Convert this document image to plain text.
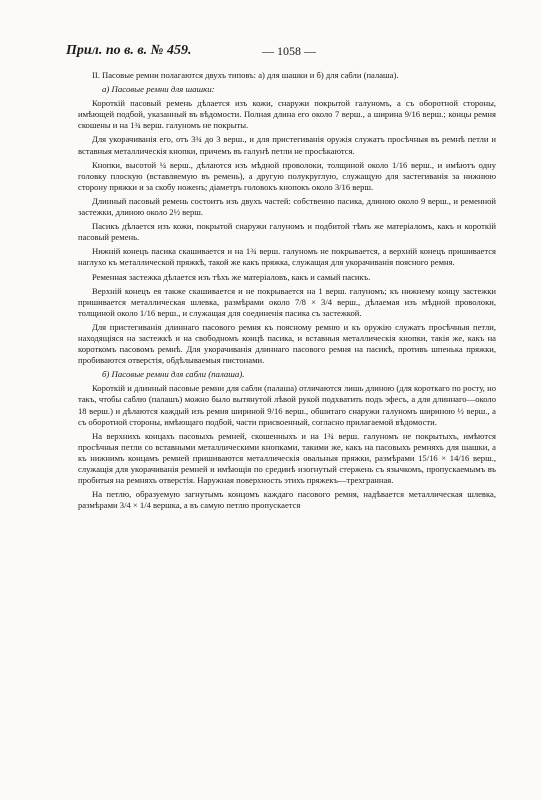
Прил. по в. в. № 459.	— 1058 —

II. Пасовые ремни полагаются двухъ типовъ: а) для шашки и б) для сабли (палаша).

а) Пасовые ремни для шашки:

Короткій пасовый ремень дѣлается изъ кожи, снаружи покрытой галуномъ, а съ оборотной стороны, имѣющей подбой, указанный въ вѣдомости. Полная длина его около 7 верш., а ширина 9/16 верш.; концы ремня скошены и на 1¾ верш. галуномъ не покрыты.

Для укорачиванія его, отъ 3¾ до 3 верш., и для пристегиванія оружія служатъ просѣчныя въ ремнѣ петли и вставныя металлическія кнопки, причемъ въ галунѣ петли не просѣкаются.

Кнопки, высотой ¼ верш., дѣлаются изъ мѣдной проволоки, толщиной около 1/16 верш., и имѣютъ одну головку плоскую (вставляемую въ ремень), а другую полукруглую, служащую для застегиванія за нижнюю сторону пряжки и за скобу ноженъ; діаметръ головокъ кнопокъ около 3/16 верш.

Длинный пасовый ремень состоитъ изъ двухъ частей: собственно пасика, длиною около 9 верш., и ременной застежки, длиною около 2½ верш.

Пасикъ дѣлается изъ кожи, покрытой снаружи галуномъ и подбитой тѣмъ же матеріаломъ, какъ и короткій пасовый ремень.

Нижній конецъ пасика скашивается и на 1¾ верш. галуномъ не покрывается, а верхній конецъ пришивается наглухо къ металлической пряжкѣ, такой же какъ пряжка, служащая для укорачиванія поясного ремня.

Ременная застежка дѣлается изъ тѣхъ же матеріаловъ, какъ и самый пасикъ.

Верхній конецъ ея также скашивается и не покрывается на 1 верш. галуномъ; къ нижнему концу застежки пришивается металлическая шлевка, размѣрами около 7/8 × 3/4 верш., дѣлаемая изъ мѣдной проволоки, толщиной около 1/16 верш., и служащая для соединенія пасика съ застежкой.

Для пристегиванія длиннаго пасового ремня къ поясному ремню и къ оружію служатъ просѣчныя петли, находящіяся на застежкѣ и на свободномъ концѣ пасика, и вставныя металлическія кнопки, такія же, какъ на короткомъ пасовомъ ремнѣ. Для укорачиванія длиннаго пасового ремня на пасикѣ, противъ шпенька пряжки, пробиваются отверстія, обдѣлываемыя пистонами.

б) Пасовые ремни для сабли (палаша).

Короткій и длинный пасовые ремни для сабли (палаша) отличаются лишь длиною (для короткаго по росту, но такъ, чтобы саблю (палашъ) можно было вытянутой лѣвой рукой подхватить подъ эфесъ, а для длиннаго—около 18 верш.) и дѣлаются каждый изъ ремня шириной 9/16 верш., обшитаго снаружи галуномъ шириною ½ верш., а съ оборотной стороны, имѣющаго подбой, части присвоенный, согласно прилагаемой вѣдомости.

На верхнихъ концахъ пасовыхъ ремней, скошенныхъ и на 1¾ верш. галуномъ не покрытыхъ, имѣются просѣчныя петли со вставными металлическими кнопками, такими же, какъ на пасовыхъ ремняхъ для шашки, а къ нижнимъ концамъ ремней пришиваются металлическія овальныя пряжки, размѣрами 15/16 × 14/16 верш., служащія для укорачиванія ремней и имѣющія по срединѣ изогнутый стержень съ язычкомъ, пропускаемымъ въ пробитыя на ремняхъ отверстія. Наружная поверхность этихъ пряжекъ—трехгранная.

На петлю, образуемую загнутымъ концомъ каждаго пасового ремня, надѣвается металлическая шлевка, размѣрами 3/4 × 1/4 вершка, а въ самую петлю пропускается
